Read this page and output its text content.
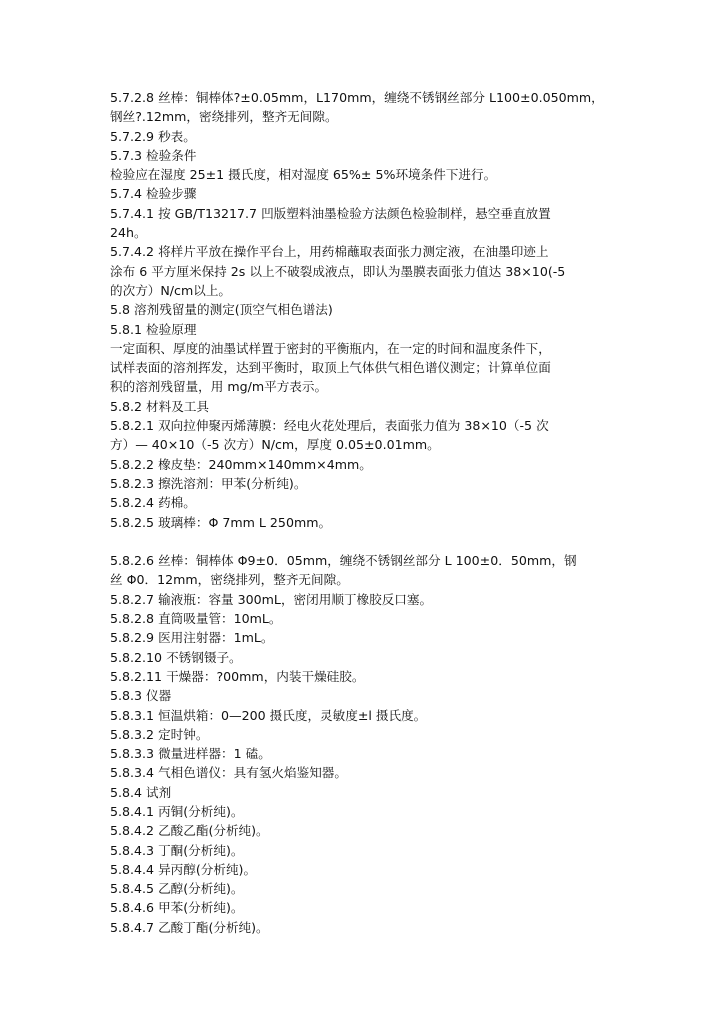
5.7.2.8 丝棒：铜棒体?±0.05mm，L170mm，缠绕不锈钢丝部分 L100±0.050mm，
钢丝?.12mm，密绕排列，整齐无间隙。
5.7.2.9 秒表。
5.7.3 检验条件
检验应在湿度 25±1 摄氏度，相对湿度 65%± 5%环境条件下进行。
5.7.4 检验步骤
5.7.4.1 按 GB/T13217.7 凹版塑料油墨检验方法颜色检验制样，悬空垂直放置
24h。
5.7.4.2 将样片平放在操作平台上，用药棉蘸取表面张力测定液，在油墨印迹上
涂布 6 平方厘米保持 2s 以上不破裂成液点，即认为墨膜表面张力值达 38×10(-5
的次方）N/cm以上。
5.8 溶剂残留量的测定(顶空气相色谱法)
5.8.1 检验原理
一定面积、厚度的油墨试样置于密封的平衡瓶内，在一定的时间和温度条件下，
试样表面的溶剂挥发，达到平衡时，取顶上气体供气相色谱仪测定；计算单位面
积的溶剂残留量，用 mg/m平方表示。
5.8.2 材料及工具
5.8.2.1 双向拉伸聚丙烯薄膜：经电火花处理后，表面张力值为 38×10（-5 次
方）— 40×10（-5 次方）N/cm，厚度 0.05±0.01mm。
5.8.2.2 橡皮垫：240mm×140mm×4mm。
5.8.2.3 擦洗溶剂：甲苯(分析纯)。
5.8.2.4 药棉。
5.8.2.5 玻璃棒：Φ 7mm L 250mm。
5.8.2.6 丝棒：铜棒体 Φ9±0．05mm，缠绕不锈钢丝部分 L 100±0．50mm，钢
丝 Φ0．12mm，密绕排列，整齐无间隙。
5.8.2.7 输液瓶：容量 300mL，密闭用顺丁橡胶反口塞。
5.8.2.8 直筒吸量管：10mL。
5.8.2.9 医用注射器：1mL。
5.8.2.10 不锈钢镊子。
5.8.2.11 干燥器：?00mm，内装干燥硅胶。
5.8.3 仪器
5.8.3.1 恒温烘箱：0—200 摄氏度，灵敏度±l 摄氏度。
5.8.3.2 定时钟。
5.8.3.3 微量进样器：1 磕。
5.8.3.4 气相色谱仪：具有氢火焰鉴知器。
5.8.4 试剂
5.8.4.1 丙铜(分析纯)。
5.8.4.2 乙酸乙酯(分析纯)。
5.8.4.3 丁酮(分析纯)。
5.8.4.4 异丙醇(分析纯)。
5.8.4.5 乙醇(分析纯)。
5.8.4.6 甲苯(分析纯)。
5.8.4.7 乙酸丁酯(分析纯)。
